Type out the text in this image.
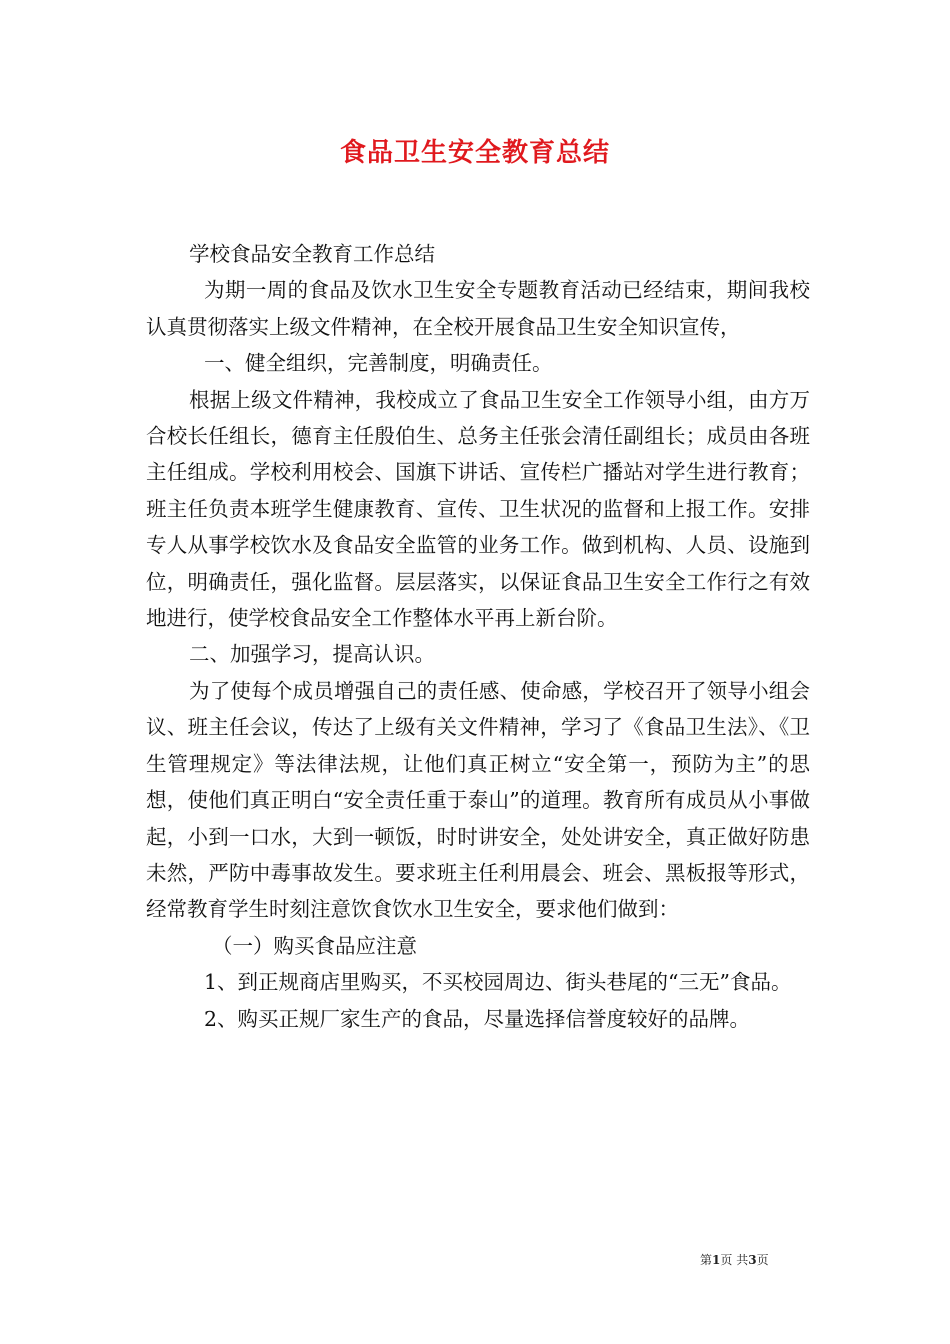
食品卫生安全教育总结

学校食品安全教育工作总结

为期一周的食品及饮水卫生安全专题教育活动已经结束，期间我校认真贯彻落实上级文件精神，在全校开展食品卫生安全知识宣传，

一、健全组织，完善制度，明确责任。

根据上级文件精神，我校成立了食品卫生安全工作领导小组，由方万合校长任组长，德育主任殷伯生、总务主任张会清任副组长；成员由各班主任组成。学校利用校会、国旗下讲话、宣传栏广播站对学生进行教育；班主任负责本班学生健康教育、宣传、卫生状况的监督和上报工作。安排专人从事学校饮水及食品安全监管的业务工作。做到机构、人员、设施到位，明确责任，强化监督。层层落实，以保证食品卫生安全工作行之有效地进行，使学校食品安全工作整体水平再上新台阶。

二、加强学习，提高认识。

为了使每个成员增强自己的责任感、使命感，学校召开了领导小组会议、班主任会议，传达了上级有关文件精神，学习了《食品卫生法》、《卫生管理规定》等法律法规，让他们真正树立“安全第一，预防为主”的思想，使他们真正明白“安全责任重于泰山”的道理。教育所有成员从小事做起，小到一口水，大到一顿饭，时时讲安全，处处讲安全，真正做好防患未然，严防中毒事故发生。要求班主任利用晨会、班会、黑板报等形式，经常教育学生时刻注意饮食饮水卫生安全，要求他们做到：

（一）购买食品应注意

1、到正规商店里购买，不买校园周边、街头巷尾的“三无”食品。

2、购买正规厂家生产的食品，尽量选择信誉度较好的品牌。

第1页 共3页
